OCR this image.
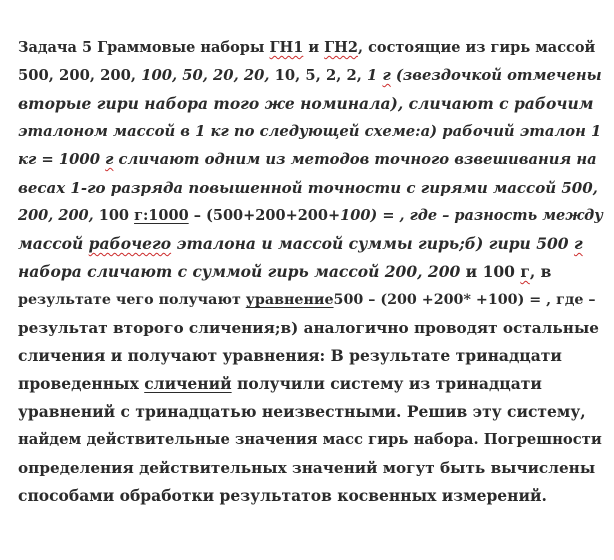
Задача 5 Граммовые наборы ГН1 и ГН2, состоящие из гирь массой
500, 200, 200, 100, 50, 20, 20, 10, 5, 2, 2, 1 г (звездочкой отмечены
вторые гири набора того же номинала), сличают с рабочим
эталоном массой в 1 кг по следующей схеме:а) рабочий эталон 1
кг = 1000 г сличают одним из методов точного взвешивания на
весах 1-го разряда повышенной точности с гирями массой 500,
200, 200, 100 г:1000 – (500+200+200+100) = , где – разность между
массой рабочего эталона и массой суммы гирь;б) гири 500 г
набора сличают с суммой гирь массой 200, 200 и 100 г, в
результате чего получают уравнение500 – (200 +200* +100) = , где –
результат второго сличения;в) аналогично проводят остальные
сличения и получают уравнения: В результате тринадцати
проведенных сличений получили систему из тринадцати
уравнений с тринадцатью неизвестными. Решив эту систему,
найдем действительные значения масс гирь набора. Погрешности
определения действительных значений могут быть вычислены
способами обработки результатов косвенных измерений.
